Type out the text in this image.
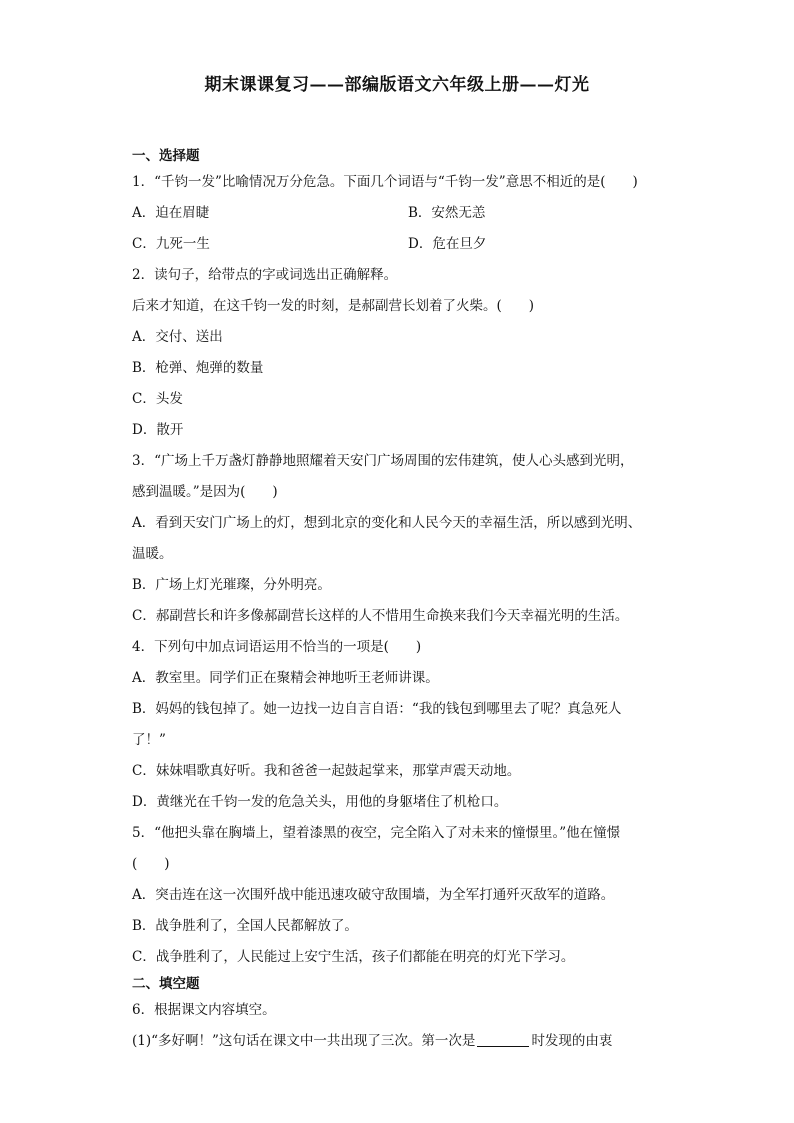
期末课课复习——部编版语文六年级上册——灯光
一、选择题
1．“千钧一发”比喻情况万分危急。下面几个词语与“千钧一发”意思不相近的是(　　)
A．迫在眉睫	B．安然无恙
C．九死一生	D．危在旦夕
2．读句子，给带点的字或词选出正确解释。
后来才知道，在这千钧一发的时刻，是郝副营长划着了火柴。(　　)
A．交付、送出
B．枪弹、炮弹的数量
C．头发
D．散开
3．“广场上千万盏灯静静地照耀着天安门广场周围的宏伟建筑，使人心头感到光明，
感到温暖。”是因为(　　)
A．看到天安门广场上的灯，想到北京的变化和人民今天的幸福生活，所以感到光明、
温暖。
B．广场上灯光璀璨，分外明亮。
C．郝副营长和许多像郝副营长这样的人不惜用生命换来我们今天幸福光明的生活。
4．下列句中加点词语运用不恰当的一项是(　　)
A．教室里。同学们正在聚精会神地听王老师讲课。
B．妈妈的钱包掉了。她一边找一边自言自语：“我的钱包到哪里去了呢？真急死人
了！”
C．妹妹唱歌真好听。我和爸爸一起鼓起掌来，那掌声震天动地。
D．黄继光在千钧一发的危急关头，用他的身躯堵住了机枪口。
5．“他把头靠在胸墙上，望着漆黑的夜空，完全陷入了对未来的憧憬里。”他在憧憬
(　　)
A．突击连在这一次围歼战中能迅速攻破守敌围墙，为全军打通歼灭敌军的道路。
B．战争胜利了，全国人民都解放了。
C．战争胜利了，人民能过上安宁生活，孩子们都能在明亮的灯光下学习。
二、填空题
6．根据课文内容填空。
(1)“多好啊！”这句话在课文中一共出现了三次。第一次是	时发现的由衷
